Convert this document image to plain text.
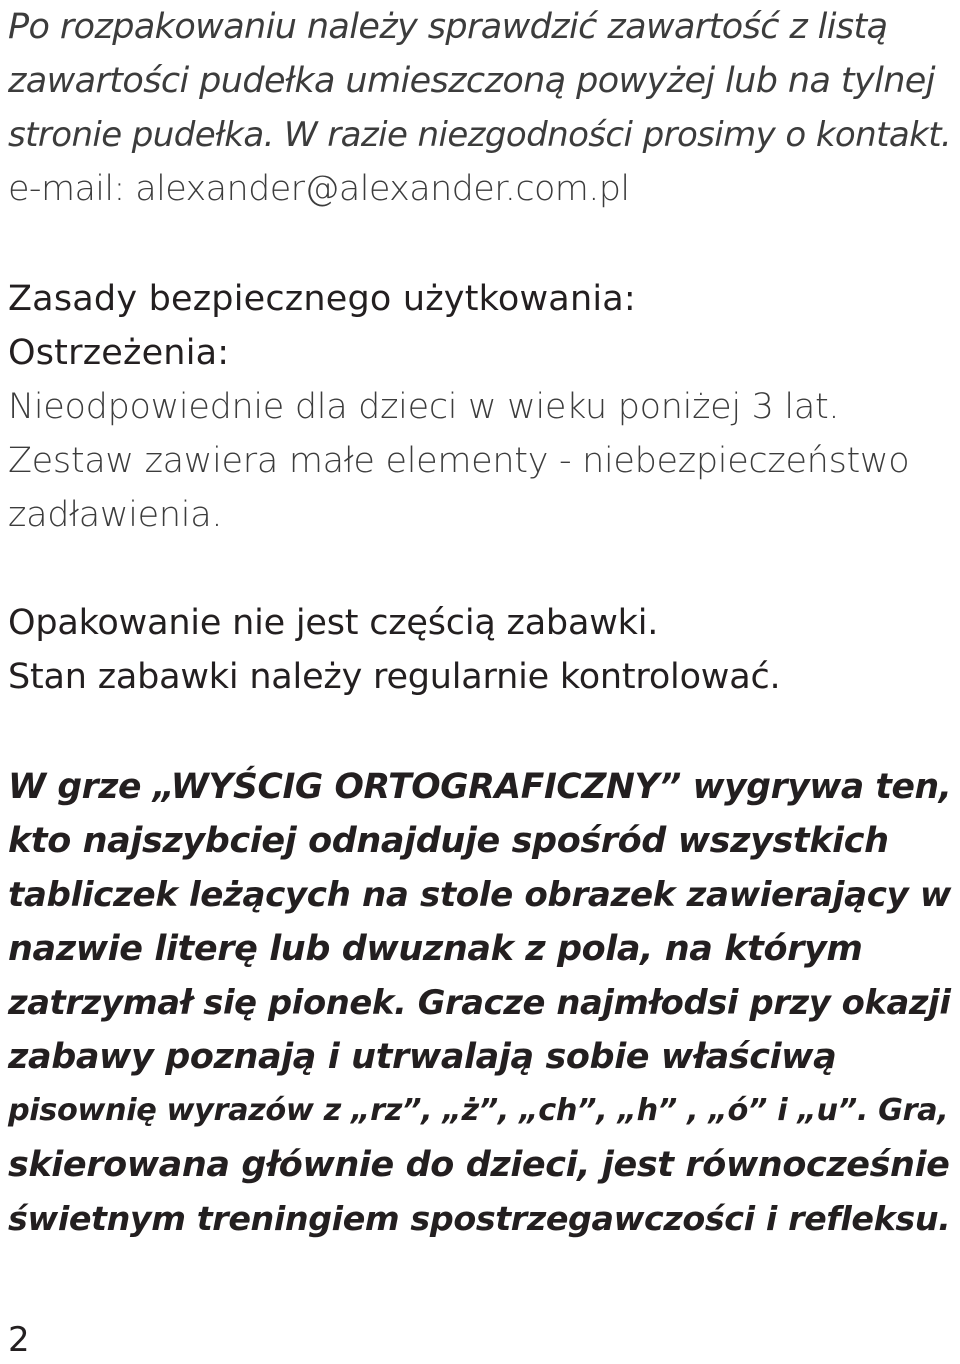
Po rozpakowaniu należy sprawdzić zawartość z listą
zawartości pudełka umieszczoną powyżej lub na tylnej
stronie pudełka. W razie niezgodności prosimy o kontakt.
e-mail: alexander@alexander.com.pl

Zasady bezpiecznego użytkowania:
Ostrzeżenia:

Nieodpowiednie dla dzieci w wieku poniżej 3 lat.
Zestaw zawiera małe elementy - niebezpieczeństwo
zadławienia.

Opakowanie nie jest częścią zabawki.
Stan zabawki należy regularnie kontrolować.

W grze „WYŚCIG ORTOGRAFICZNY” wygrywa ten,
kto najszybciej odnajduje spośród wszystkich
tabliczek leżących na stole obrazek zawierający w
nazwie literę lub dwuznak z pola, na którym
zatrzymał się pionek. Gracze najmłodsi przy okazji
zabawy poznają i utrwalają sobie właściwą
pisownię wyrazów z „rz”, „ż”, „ch”, „h” , „ó” i „u”. Gra,
skierowana głównie do dzieci, jest równocześnie
świetnym treningiem spostrzegawczości i refleksu.

2
